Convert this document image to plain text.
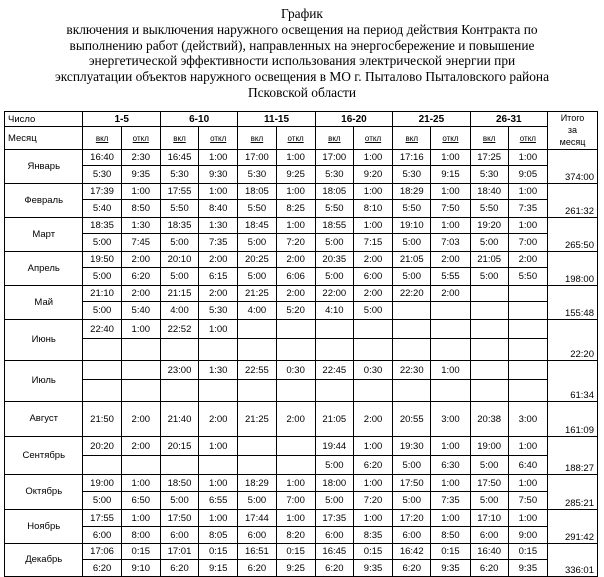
График
включения и выключения наружного освещения на период действия Контракта по
выполнению работ (действий), направленных на энергосбережение и повышение
энергетической эффективности использования электрической энергии при
эксплуатации объектов наружного освещения в МО г. Пыталово Пыталовского района
Псковской области
Число	1-5		6-10		11-15		16-20		21-25		26-31		Итого
за
месяц

Месяц	вкл	откл	вкл	откл	вкл	откл	вкл	откл	вкл	откл	вкл	откл	

Январь	16:40	2:30	16:45	1:00	17:00	1:00	17:00	1:00	17:16	1:00	17:25	1:00	374:00
	5:30	9:35	5:30	9:30	5:30	9:25	5:30	9:20	5:30	9:15	5:30	9:05	

Февраль	17:39	1:00	17:55	1:00	18:05	1:00	18:05	1:00	18:29	1:00	18:40	1:00	261:32
	5:40	8:50	5:50	8:40	5:50	8:25	5:50	8:10	5:50	7:50	5:50	7:35	

Март	18:35	1:30	18:35	1:30	18:45	1:00	18:55	1:00	19:10	1:00	19:20	1:00	265:50
	5:00	7:45	5:00	7:35	5:00	7:20	5:00	7:15	5:00	7:03	5:00	7:00	

Апрель	19:50	2:00	20:10	2:00	20:25	2:00	20:35	2:00	21:05	2:00	21:05	2:00	198:00
	5:00	6:20	5:00	6:15	5:00	6:06	5:00	6:00	5:00	5:55	5:00	5:50	

Май	21:10	2:00	21:15	2:00	21:25	2:00	22:00	2:00	22:20	2:00			155:48
	5:00	5:40	4:00	5:30	4:00	5:20	4:10	5:00					

Июнь	22:40	1:00	22:52	1:00									22:20

Июль			23:00	1:30	22:55	0:30	22:45	0:30	22:30	1:00			61:34

Август	21:50	2:00	21:40	2:00	21:25	2:00	21:05	2:00	20:55	3:00	20:38	3:00	161:09

Сентябрь	20:20	2:00	20:15	1:00			19:44	1:00	19:30	1:00	19:00	1:00	188:27
							5:00	6:20	5:00	6:30	5:00	6:40	

Октябрь	19:00	1:00	18:50	1:00	18:29	1:00	18:00	1:00	17:50	1:00	17:50	1:00	285:21
	5:00	6:50	5:00	6:55	5:00	7:00	5:00	7:20	5:00	7:35	5:00	7:50	

Ноябрь	17:55	1:00	17:50	1:00	17:44	1:00	17:35	1:00	17:20	1:00	17:10	1:00	291:42
	6:00	8:00	6:00	8:05	6:00	8:20	6:00	8:35	6:00	8:50	6:00	9:00	

Декабрь	17:06	0:15	17:01	0:15	16:51	0:15	16:45	0:15	16:42	0:15	16:40	0:15	336:01
	6:20	9:10	6:20	9:15	6:20	9:25	6:20	9:35	6:20	9:35	6:20	9:35	
